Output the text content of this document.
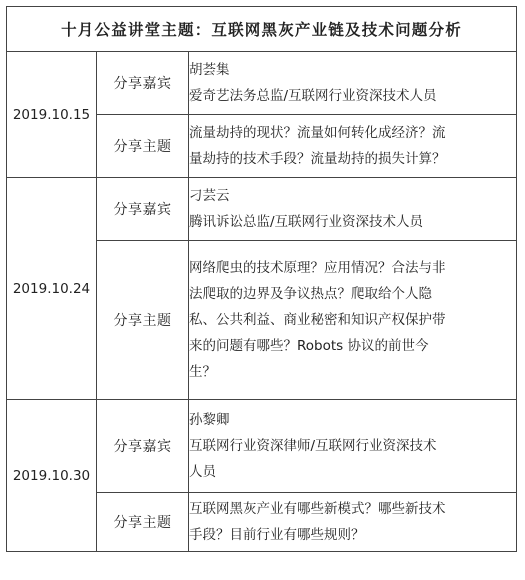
十月公益讲堂主题：互联网黑灰产业链及技术问题分析		
2019.10.15	分享嘉宾	胡荟集
爱奇艺法务总监/互联网行业资深技术人员

	分享主题	流量劫持的现状？流量如何转化成经济？流
量劫持的技术手段？流量劫持的损失计算？

2019.10.24	分享嘉宾	刁芸云
腾讯诉讼总监/互联网行业资深技术人员

	分享主题	网络爬虫的技术原理？应用情况？合法与非
法爬取的边界及争议热点？爬取给个人隐
私、公共利益、商业秘密和知识产权保护带
来的问题有哪些？Robots 协议的前世今
生？

2019.10.30	分享嘉宾	孙黎卿
互联网行业资深律师/互联网行业资深技术
人员

	分享主题	互联网黑灰产业有哪些新模式？哪些新技术
手段？目前行业有哪些规则？
